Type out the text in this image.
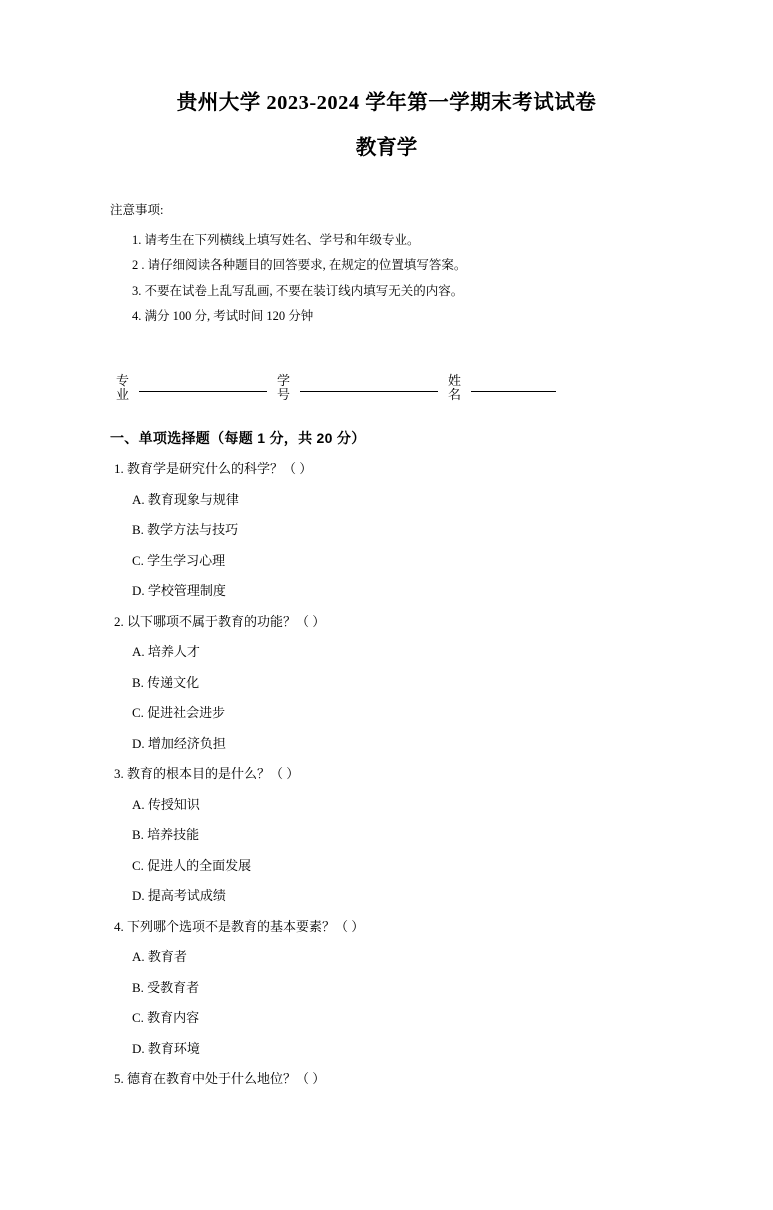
贵州大学 2023-2024 学年第一学期末考试试卷
教育学
注意事项:
1. 请考生在下列横线上填写姓名、学号和年级专业。
2 . 请仔细阅读各种题目的回答要求, 在规定的位置填写答案。
3. 不要在试卷上乱写乱画, 不要在装订线内填写无关的内容。
4. 满分 100 分, 考试时间 120 分钟
专
业
学
号
姓
名
一、单项选择题（每题 1 分，共 20 分）
1. 教育学是研究什么的科学？（ ）
A. 教育现象与规律
B. 教学方法与技巧
C. 学生学习心理
D. 学校管理制度
2. 以下哪项不属于教育的功能？（ ）
A. 培养人才
B. 传递文化
C. 促进社会进步
D. 增加经济负担
3. 教育的根本目的是什么？（ ）
A. 传授知识
B. 培养技能
C. 促进人的全面发展
D. 提高考试成绩
4. 下列哪个选项不是教育的基本要素？（ ）
A. 教育者
B. 受教育者
C. 教育内容
D. 教育环境
5. 德育在教育中处于什么地位？（ ）
